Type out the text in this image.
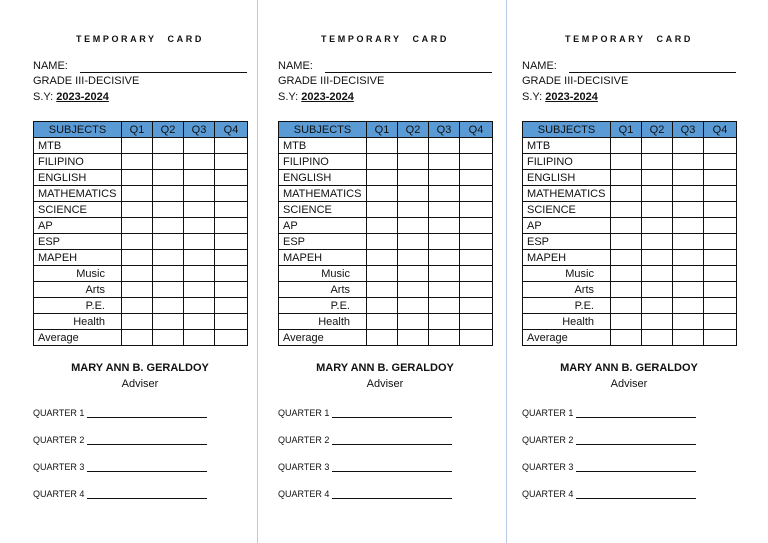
TEMPORARY CARD
NAME:
GRADE III-DECISIVE
S.Y: 2023-2024
SUBJECTS	Q1	Q2	Q3	Q4
MTB				
FILIPINO				
ENGLISH				
MATHEMATICS				
SCIENCE				
AP				
ESP				
MAPEH				
Music				
Arts				
P.E.				
Health				
Average				
MARY ANN B. GERALDOY
Adviser
QUARTER 1
QUARTER 2
QUARTER 3
QUARTER 4
TEMPORARY CARD
NAME:
GRADE III-DECISIVE
S.Y: 2023-2024
SUBJECTS	Q1	Q2	Q3	Q4
MTB				
FILIPINO				
ENGLISH				
MATHEMATICS				
SCIENCE				
AP				
ESP				
MAPEH				
Music				
Arts				
P.E.				
Health				
Average				
MARY ANN B. GERALDOY
Adviser
QUARTER 1
QUARTER 2
QUARTER 3
QUARTER 4
TEMPORARY CARD
NAME:
GRADE III-DECISIVE
S.Y: 2023-2024
SUBJECTS	Q1	Q2	Q3	Q4
MTB				
FILIPINO				
ENGLISH				
MATHEMATICS				
SCIENCE				
AP				
ESP				
MAPEH				
Music				
Arts				
P.E.				
Health				
Average				
MARY ANN B. GERALDOY
Adviser
QUARTER 1
QUARTER 2
QUARTER 3
QUARTER 4
